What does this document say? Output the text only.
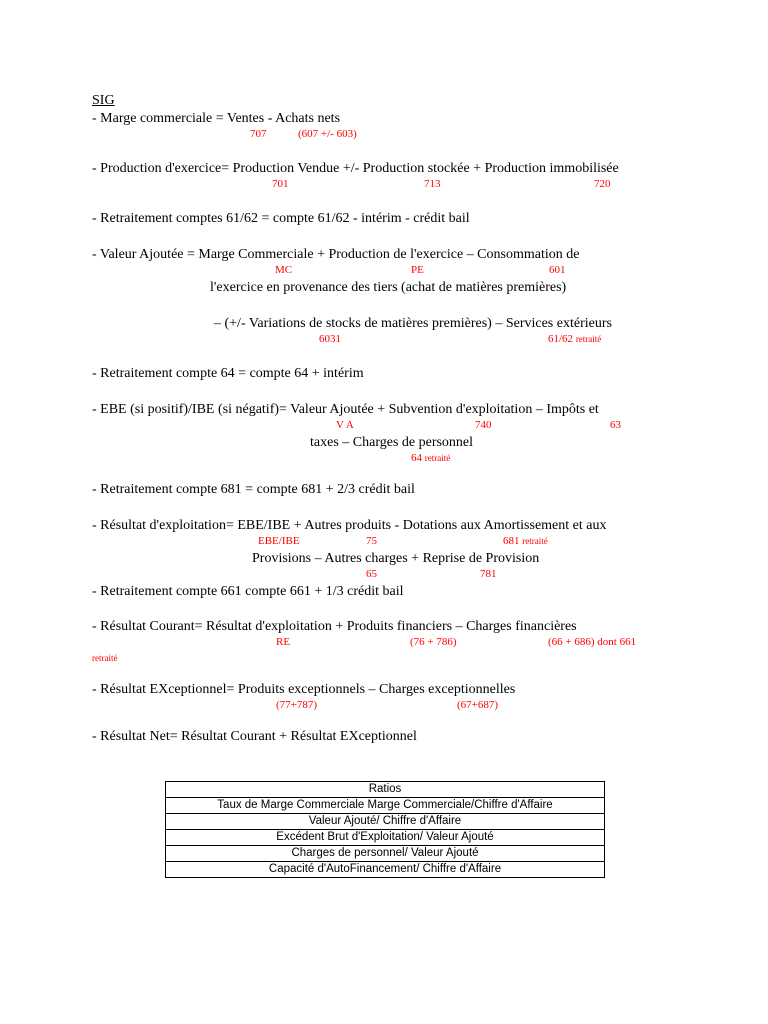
SIG
- Marge commerciale = Ventes - Achats nets
707	(607 +/- 603)
- Production d'exercice= Production Vendue +/- Production stockée + Production immobilisée
701	713	720
- Retraitement comptes 61/62 = compte 61/62 - intérim - crédit bail
- Valeur Ajoutée = Marge Commerciale + Production de l'exercice – Consommation de
MC	PE	601
l'exercice en provenance des tiers (achat de matières premières)
– (+/- Variations de stocks de matières premières) – Services extérieurs
6031	61/62 retraité
- Retraitement compte 64 = compte 64 + intérim
- EBE (si positif)/IBE (si négatif)= Valeur Ajoutée + Subvention d'exploitation – Impôts et
V A	740	63
taxes – Charges de personnel
64 retraité
- Retraitement compte 681 = compte 681 + 2/3 crédit bail
- Résultat d'exploitation= EBE/IBE + Autres produits - Dotations aux Amortissement et aux
EBE/IBE	75	681 retraité
Provisions – Autres charges + Reprise de Provision
65	781
- Retraitement compte 661 compte 661 + 1/3 crédit bail
- Résultat Courant= Résultat d'exploitation + Produits financiers – Charges financières
RE	(76 + 786)	(66 + 686) dont 661
retraité
- Résultat EXceptionnel= Produits exceptionnels – Charges exceptionnelles
(77+787)	(67+687)
- Résultat Net= Résultat Courant + Résultat EXceptionnel
Ratios
Taux de Marge Commerciale Marge Commerciale/Chiffre d'Affaire
Valeur Ajouté/ Chiffre d'Affaire
Excédent Brut d'Exploitation/ Valeur Ajouté
Charges de personnel/ Valeur Ajouté
Capacité d'AutoFinancement/ Chiffre d'Affaire
